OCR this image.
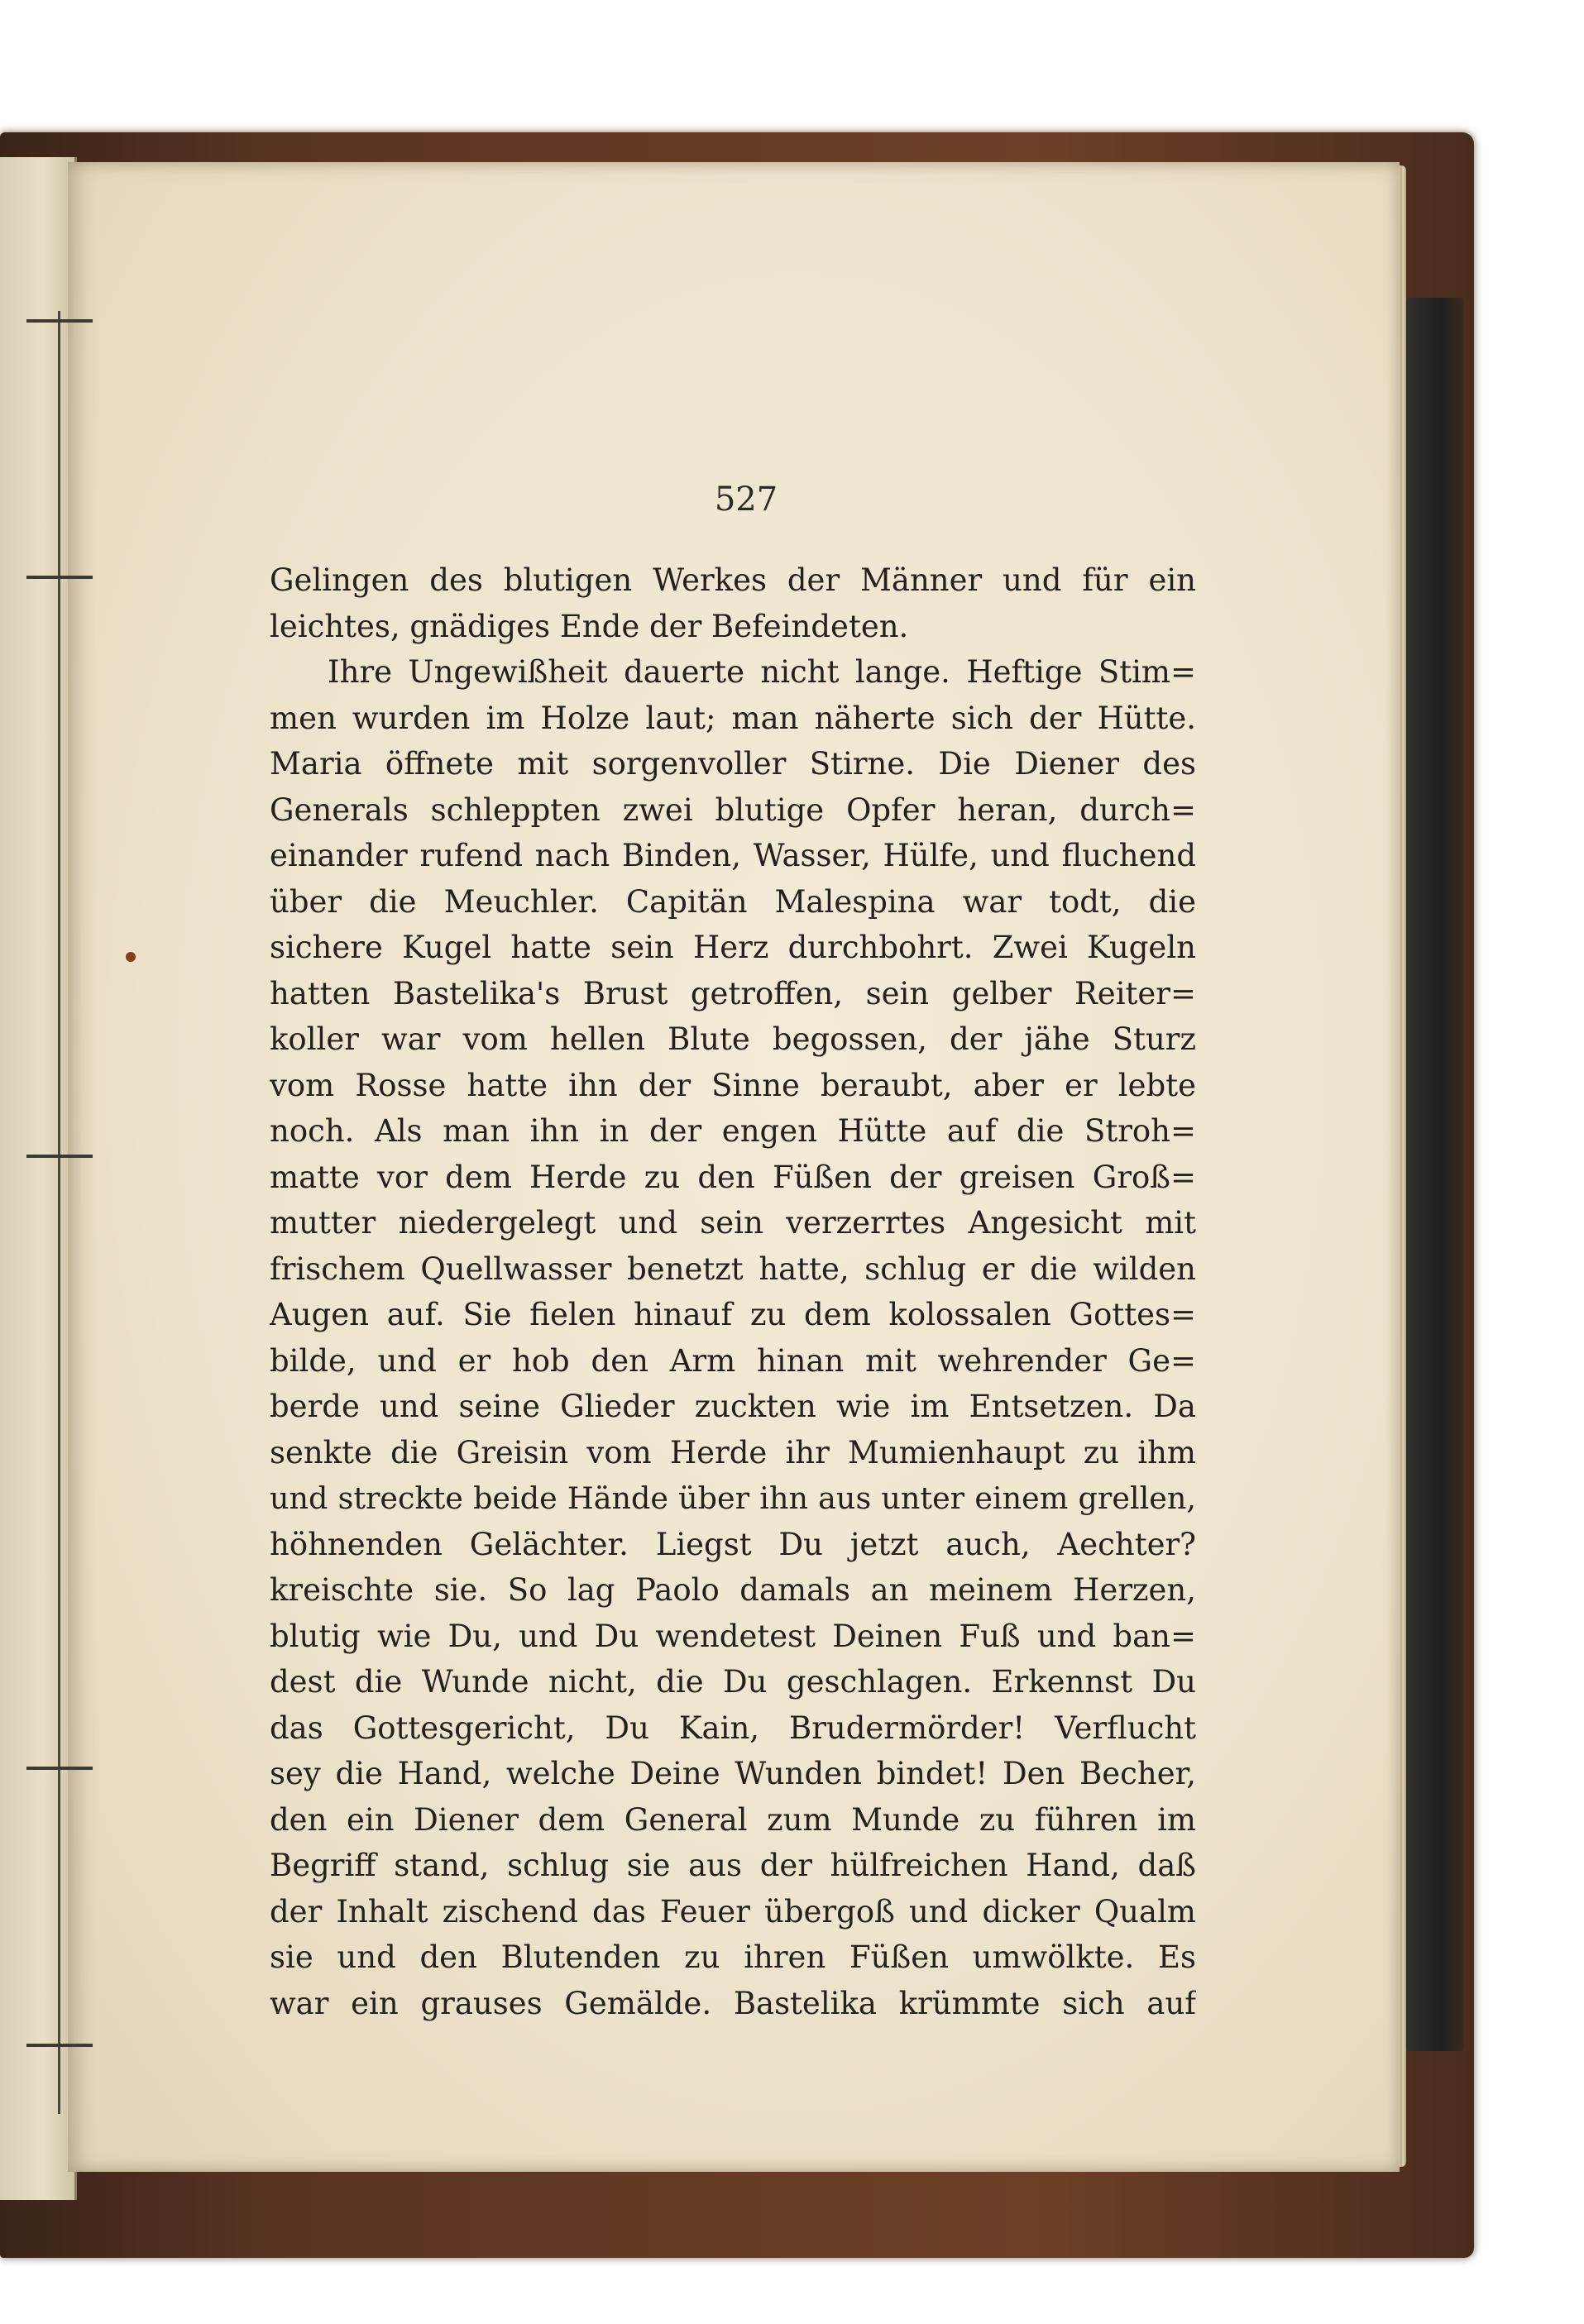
527
Gelingen des blutigen Werkes der Männer und für ein
leichtes, gnädiges Ende der Befeindeten.
Ihre Ungewißheit dauerte nicht lange. Heftige Stim=
men wurden im Holze laut; man näherte sich der Hütte.
Maria öffnete mit sorgenvoller Stirne. Die Diener des
Generals schleppten zwei blutige Opfer heran, durch=
einander rufend nach Binden, Wasser, Hülfe, und fluchend
über die Meuchler. Capitän Malespina war todt, die
sichere Kugel hatte sein Herz durchbohrt. Zwei Kugeln
hatten Bastelika's Brust getroffen, sein gelber Reiter=
koller war vom hellen Blute begossen, der jähe Sturz
vom Rosse hatte ihn der Sinne beraubt, aber er lebte
noch. Als man ihn in der engen Hütte auf die Stroh=
matte vor dem Herde zu den Füßen der greisen Groß=
mutter niedergelegt und sein verzerrtes Angesicht mit
frischem Quellwasser benetzt hatte, schlug er die wilden
Augen auf. Sie fielen hinauf zu dem kolossalen Gottes=
bilde, und er hob den Arm hinan mit wehrender Ge=
berde und seine Glieder zuckten wie im Entsetzen. Da
senkte die Greisin vom Herde ihr Mumienhaupt zu ihm
und streckte beide Hände über ihn aus unter einem grellen,
höhnenden Gelächter. Liegst Du jetzt auch, Aechter?
kreischte sie. So lag Paolo damals an meinem Herzen,
blutig wie Du, und Du wendetest Deinen Fuß und ban=
dest die Wunde nicht, die Du geschlagen. Erkennst Du
das Gottesgericht, Du Kain, Brudermörder! Verflucht
sey die Hand, welche Deine Wunden bindet! Den Becher,
den ein Diener dem General zum Munde zu führen im
Begriff stand, schlug sie aus der hülfreichen Hand, daß
der Inhalt zischend das Feuer übergoß und dicker Qualm
sie und den Blutenden zu ihren Füßen umwölkte. Es
war ein grauses Gemälde. Bastelika krümmte sich auf
